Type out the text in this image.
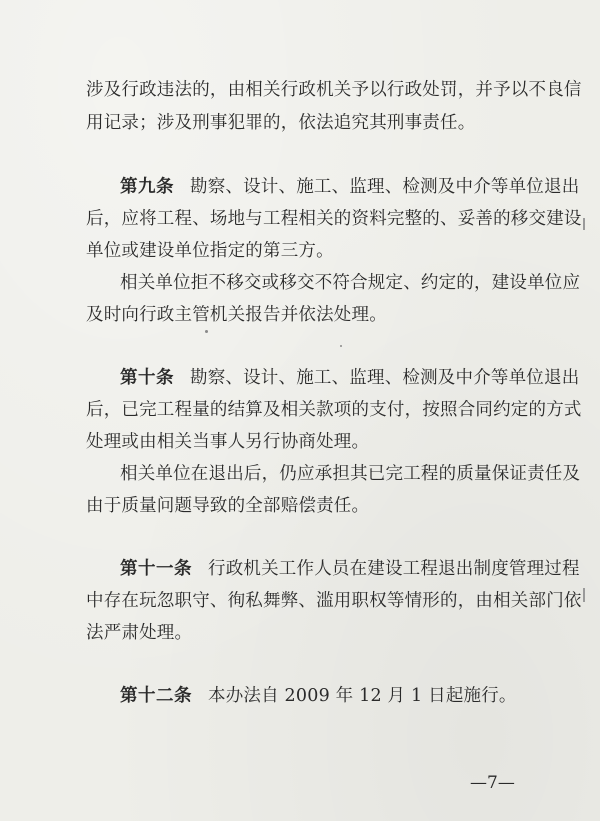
涉及行政违法的，由相关行政机关予以行政处罚，并予以不良信
用记录；涉及刑事犯罪的，依法追究其刑事责任。
第九条 勘察、设计、施工、监理、检测及中介等单位退出
后，应将工程、场地与工程相关的资料完整的、妥善的移交建设
单位或建设单位指定的第三方。
相关单位拒不移交或移交不符合规定、约定的，建设单位应
及时向行政主管机关报告并依法处理。
第十条 勘察、设计、施工、监理、检测及中介等单位退出
后，已完工程量的结算及相关款项的支付，按照合同约定的方式
处理或由相关当事人另行协商处理。
相关单位在退出后，仍应承担其已完工程的质量保证责任及
由于质量问题导致的全部赔偿责任。
第十一条 行政机关工作人员在建设工程退出制度管理过程
中存在玩忽职守、徇私舞弊、滥用职权等情形的，由相关部门依
法严肃处理。
第十二条 本办法自 2009 年 12 月 1 日起施行。
—7—
